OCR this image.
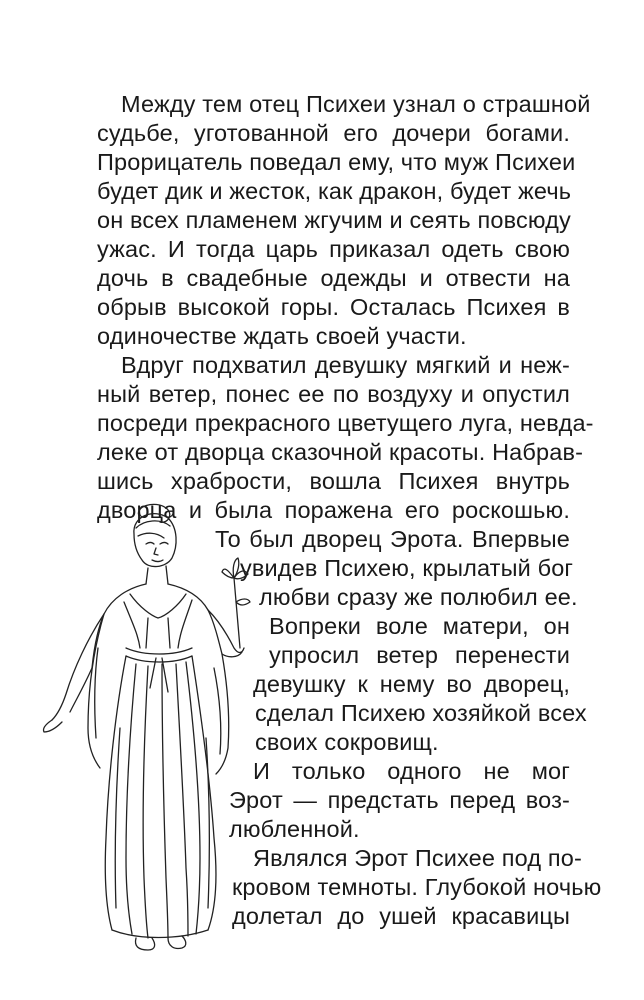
Между тем отец Психеи узнал о страшной
судьбе, уготованной его дочери богами.
Прорицатель поведал ему, что муж Психеи
будет дик и жесток, как дракон, будет жечь
он всех пламенем жгучим и сеять повсюду
ужас. И тогда царь приказал одеть свою
дочь в свадебные одежды и отвести на
обрыв высокой горы. Осталась Психея в
одиночестве ждать своей участи.
Вдруг подхватил девушку мягкий и неж-
ный ветер, понес ее по воздуху и опустил
посреди прекрасного цветущего луга, невда-
леке от дворца сказочной красоты. Набрав-
шись храбрости, вошла Психея внутрь
дворца и была поражена его роскошью.
То был дворец Эрота. Впервые
увидев Психею, крылатый бог
любви сразу же полюбил ее.
Вопреки воле матери, он
упросил ветер перенести
девушку к нему во дворец,
сделал Психею хозяйкой всех
своих сокровищ.
И только одного не мог
Эрот — предстать перед воз-
любленной.
Являлся Эрот Психее под по-
кровом темноты. Глубокой ночью
долетал до ушей красавицы
